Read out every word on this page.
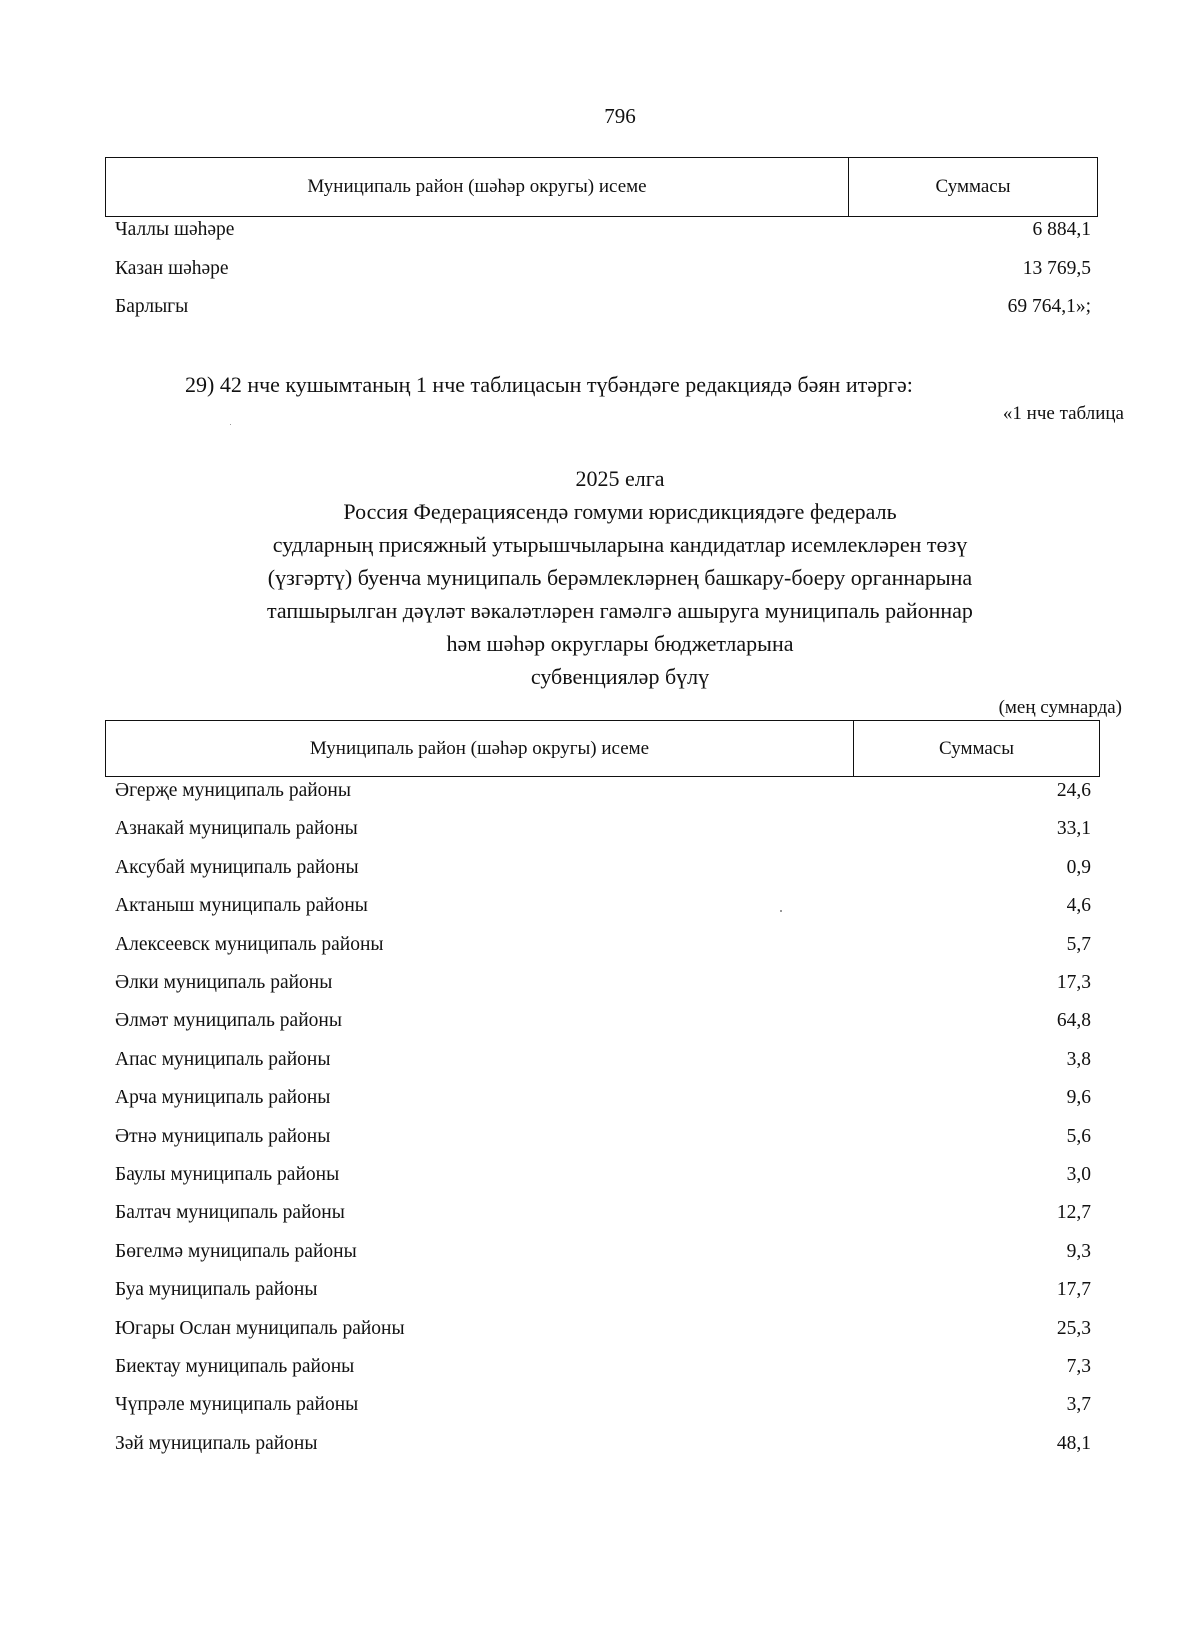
796
Муниципаль район (шәһәр округы) исеме	Суммасы
Чаллы шәһәре	6 884,1
Казан шәһәре	13 769,5
Барлыгы	69 764,1»;
29) 42 нче кушымтаның 1 нче таблицасын түбәндәге редакциядә бәян итәргә:
«1 нче таблица
2025 елга
Россия Федерациясендә гомуми юрисдикциядәге федераль
судларның присяжный утырышчыларына кандидатлар исемлекләрен төзү
(үзгәртү) буенча муниципаль берәмлекләрнең башкару-боеру органнарына
тапшырылган дәүләт вәкаләтләрен гамәлгә ашыруга муниципаль районнар
һәм шәһәр округлары бюджетларына
субвенцияләр бүлү
(мең сумнарда)
Муниципаль район (шәһәр округы) исеме	Суммасы
Әгерҗе муниципаль районы	24,6
Азнакай муниципаль районы	33,1
Аксубай муниципаль районы	0,9
Актаныш муниципаль районы	4,6
Алексеевск муниципаль районы	5,7
Әлки муниципаль районы	17,3
Әлмәт муниципаль районы	64,8
Апас муниципаль районы	3,8
Арча муниципаль районы	9,6
Әтнә муниципаль районы	5,6
Баулы муниципаль районы	3,0
Балтач муниципаль районы	12,7
Бөгелмә муниципаль районы	9,3
Буа муниципаль районы	17,7
Югары Ослан муниципаль районы	25,3
Биектау муниципаль районы	7,3
Чүпрәле муниципаль районы	3,7
Зәй муниципаль районы	48,1
